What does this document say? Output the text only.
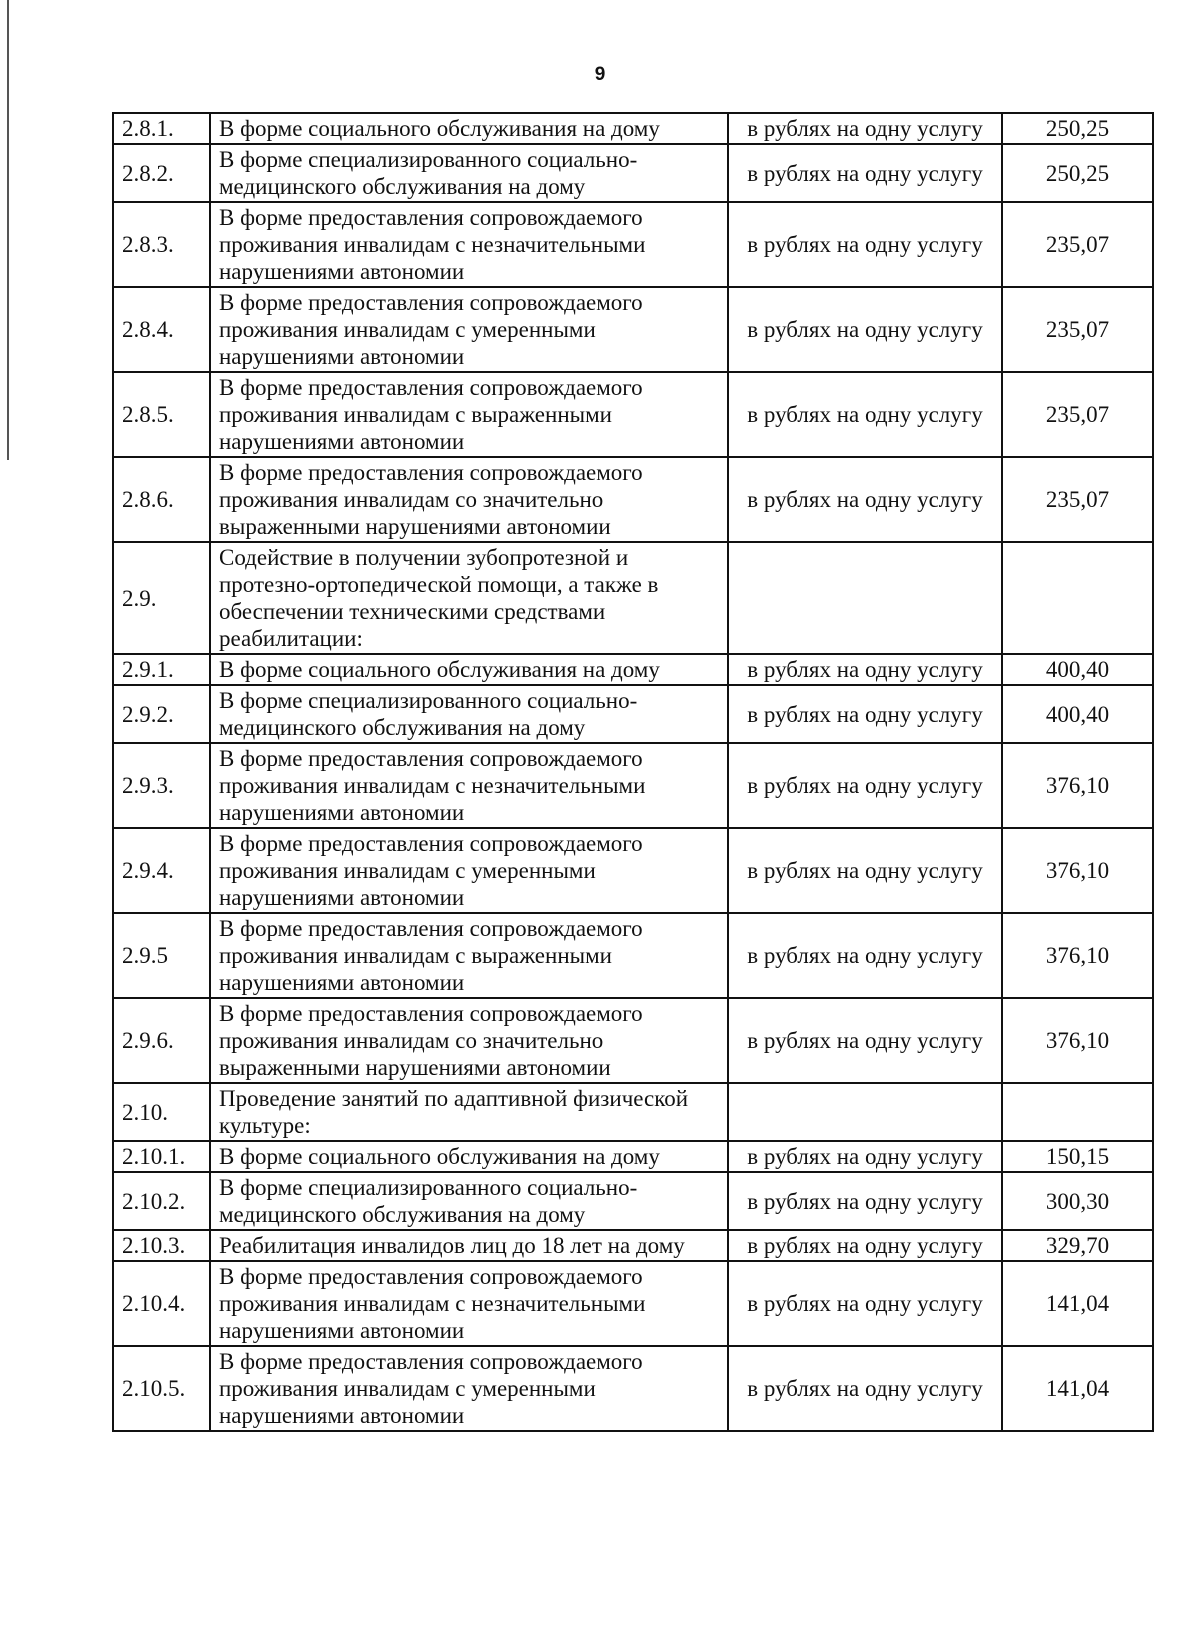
9
2.8.1.	В форме социального обслуживания на дому	в рублях на одну услугу	250,25
2.8.2.	В форме специализированного социально-
медицинского обслуживания на дому	в рублях на одну услугу	250,25
2.8.3.	В форме предоставления сопровождаемого
проживания инвалидам с незначительными
нарушениями автономии	в рублях на одну услугу	235,07
2.8.4.	В форме предоставления сопровождаемого
проживания инвалидам с умеренными
нарушениями автономии	в рублях на одну услугу	235,07
2.8.5.	В форме предоставления сопровождаемого
проживания инвалидам с выраженными
нарушениями автономии	в рублях на одну услугу	235,07
2.8.6.	В форме предоставления сопровождаемого
проживания инвалидам со значительно
выраженными нарушениями автономии	в рублях на одну услугу	235,07
2.9.	Содействие в получении зубопротезной и
протезно-ортопедической помощи, а также в
обеспечении техническими средствами
реабилитации:		

2.9.1.	В форме социального обслуживания на дому	в рублях на одну услугу	400,40
2.9.2.	В форме специализированного социально-
медицинского обслуживания на дому	в рублях на одну услугу	400,40
2.9.3.	В форме предоставления сопровождаемого
проживания инвалидам с незначительными
нарушениями автономии	в рублях на одну услугу	376,10
2.9.4.	В форме предоставления сопровождаемого
проживания инвалидам с умеренными
нарушениями автономии	в рублях на одну услугу	376,10
2.9.5	В форме предоставления сопровождаемого
проживания инвалидам с выраженными
нарушениями автономии	в рублях на одну услугу	376,10
2.9.6.	В форме предоставления сопровождаемого
проживания инвалидам со значительно
выраженными нарушениями автономии	в рублях на одну услугу	376,10
2.10.	Проведение занятий по адаптивной физической
культуре:		

2.10.1.	В форме социального обслуживания на дому	в рублях на одну услугу	150,15
2.10.2.	В форме специализированного социально-
медицинского обслуживания на дому	в рублях на одну услугу	300,30
2.10.3.	Реабилитация инвалидов лиц до 18 лет на дому	в рублях на одну услугу	329,70
2.10.4.	В форме предоставления сопровождаемого
проживания инвалидам с незначительными
нарушениями автономии	в рублях на одну услугу	141,04
2.10.5.	В форме предоставления сопровождаемого
проживания инвалидам с умеренными
нарушениями автономии	в рублях на одну услугу	141,04
